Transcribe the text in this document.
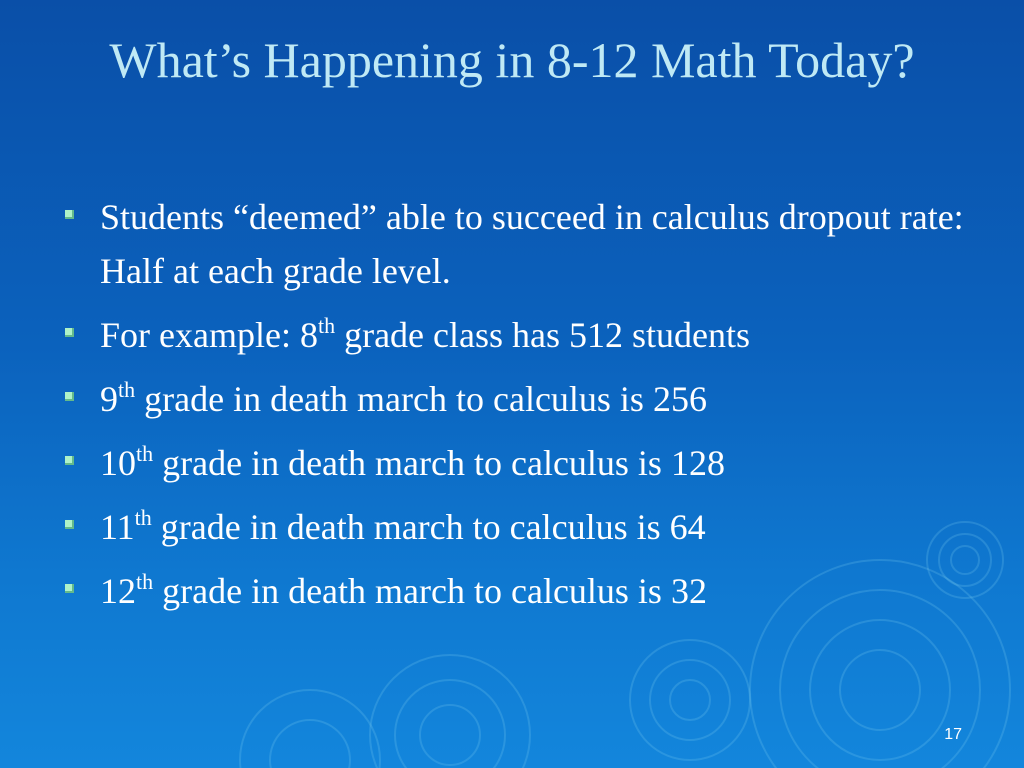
What’s Happening in 8-12 Math Today?
Students “deemed” able to succeed in calculus dropout rate: Half at each grade level.
For example: 8th grade class has 512 students
9th grade in death march to calculus is 256
10th grade in death march to calculus is 128
11th grade in death march to calculus is 64
12th grade in death march to calculus is 32
17
